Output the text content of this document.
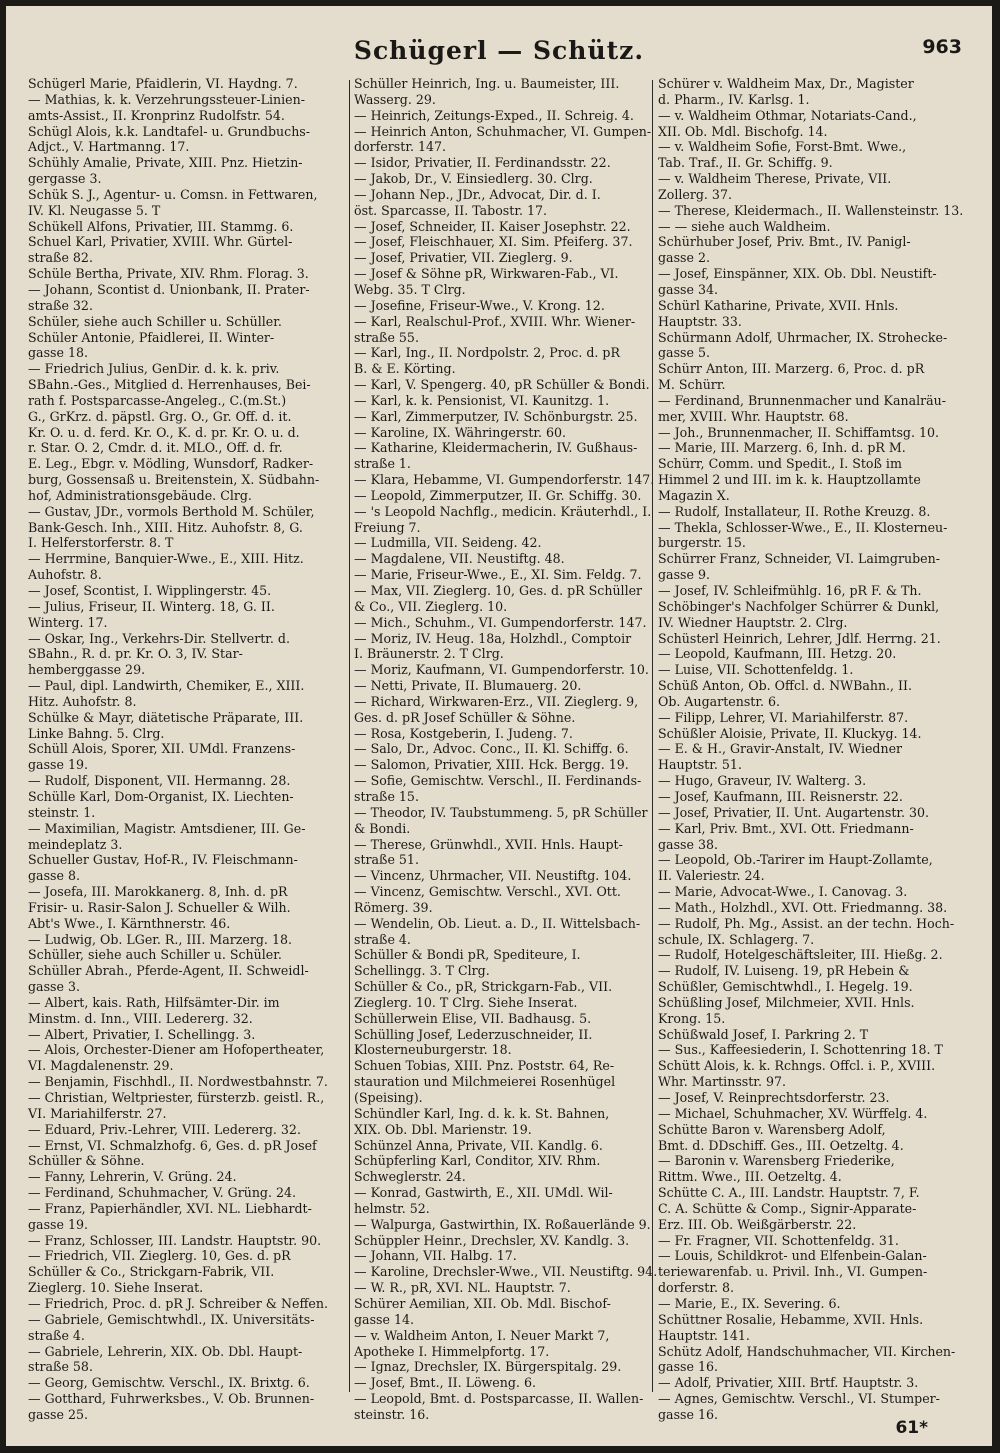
Schügerl — Schütz.	963

Schügerl Marie, Pfaidlerin, VI. Haydng. 7.

— Mathias, k. k. Verzehrungssteuer-Linien-

amts-Assist., II. Kronprinz Rudolfstr. 54.

Schügl Alois, k.k. Landtafel- u. Grundbuchs-

Adjct., V. Hartmanng. 17.

Schühly Amalie, Private, XIII. Pnz. Hietzin-

gergasse 3.

Schük S. J., Agentur- u. Comsn. in Fettwaren,

IV. Kl. Neugasse 5. T

Schükell Alfons, Privatier, III. Stammg. 6.

Schuel Karl, Privatier, XVIII. Whr. Gürtel-

straße 82.

Schüle Bertha, Private, XIV. Rhm. Florag. 3.

— Johann, Scontist d. Unionbank, II. Prater-

straße 32.

Schüler, siehe auch Schiller u. Schüller.

Schüler Antonie, Pfaidlerei, II. Winter-

gasse 18.

— Friedrich Julius, GenDir. d. k. k. priv.

SBahn.-Ges., Mitglied d. Herrenhauses, Bei-

rath f. Postsparcasse-Angeleg., C.(m.St.)

G., GrKrz. d. päpstl. Grg. O., Gr. Off. d. it.

Kr. O. u. d. ferd. Kr. O., K. d. pr. Kr. O. u. d.

r. Star. O. 2, Cmdr. d. it. MLO., Off. d. fr.

E. Leg., Ebgr. v. Mödling, Wunsdorf, Radker-

burg, Gossensaß u. Breitenstein, X. Südbahn-

hof, Administrationsgebäude. Clrg.

— Gustav, JDr., vormols Berthold M. Schüler,

Bank-Gesch. Inh., XIII. Hitz. Auhofstr. 8, G.

I. Helferstorferstr. 8. T

— Herrmine, Banquier-Wwe., E., XIII. Hitz.

Auhofstr. 8.

— Josef, Scontist, I. Wipplingerstr. 45.

— Julius, Friseur, II. Winterg. 18, G. II.

Winterg. 17.

— Oskar, Ing., Verkehrs-Dir. Stellvertr. d.

SBahn., R. d. pr. Kr. O. 3, IV. Star-

hemberggasse 29.

— Paul, dipl. Landwirth, Chemiker, E., XIII.

Hitz. Auhofstr. 8.

Schülke & Mayr, diätetische Präparate, III.

Linke Bahng. 5. Clrg.

Schüll Alois, Sporer, XII. UMdl. Franzens-

gasse 19.

— Rudolf, Disponent, VII. Hermanng. 28.

Schülle Karl, Dom-Organist, IX. Liechten-

steinstr. 1.

— Maximilian, Magistr. Amtsdiener, III. Ge-

meindeplatz 3.

Schueller Gustav, Hof-R., IV. Fleischmann-

gasse 8.

— Josefa, III. Marokkanerg. 8, Inh. d. pR

Frisir- u. Rasir-Salon J. Schueller & Wilh.

Abt's Wwe., I. Kärnthnerstr. 46.

— Ludwig, Ob. LGer. R., III. Marzerg. 18.

Schüller, siehe auch Schiller u. Schüler.

Schüller Abrah., Pferde-Agent, II. Schweidl-

gasse 3.

— Albert, kais. Rath, Hilfsämter-Dir. im

Minstm. d. Inn., VIII. Ledererg. 32.

— Albert, Privatier, I. Schellingg. 3.

— Alois, Orchester-Diener am Hofopertheater,

VI. Magdalenenstr. 29.

— Benjamin, Fischhdl., II. Nordwestbahnstr. 7.

— Christian, Weltpriester, fürsterzb. geistl. R.,

VI. Mariahilferstr. 27.

— Eduard, Priv.-Lehrer, VIII. Ledererg. 32.

— Ernst, VI. Schmalzhofg. 6, Ges. d. pR Josef

Schüller & Söhne.

— Fanny, Lehrerin, V. Grüng. 24.

— Ferdinand, Schuhmacher, V. Grüng. 24.

— Franz, Papierhändler, XVI. NL. Liebhardt-

gasse 19.

— Franz, Schlosser, III. Landstr. Hauptstr. 90.

— Friedrich, VII. Zieglerg. 10, Ges. d. pR

Schüller & Co., Strickgarn-Fabrik, VII.

Zieglerg. 10. Siehe Inserat.

— Friedrich, Proc. d. pR J. Schreiber & Neffen.

— Gabriele, Gemischtwhdl., IX. Universitäts-

straße 4.

— Gabriele, Lehrerin, XIX. Ob. Dbl. Haupt-

straße 58.

— Georg, Gemischtw. Verschl., IX. Brixtg. 6.

— Gotthard, Fuhrwerksbes., V. Ob. Brunnen-

gasse 25.

Schüller Heinrich, Ing. u. Baumeister, III.

Wasserg. 29.

— Heinrich, Zeitungs-Exped., II. Schreig. 4.

— Heinrich Anton, Schuhmacher, VI. Gumpen-

dorferstr. 147.

— Isidor, Privatier, II. Ferdinandsstr. 22.

— Jakob, Dr., V. Einsiedlerg. 30. Clrg.

— Johann Nep., JDr., Advocat, Dir. d. I.

öst. Sparcasse, II. Tabostr. 17.

— Josef, Schneider, II. Kaiser Josephstr. 22.

— Josef, Fleischhauer, XI. Sim. Pfeiferg. 37.

— Josef, Privatier, VII. Zieglerg. 9.

— Josef & Söhne pR, Wirkwaren-Fab., VI.

Webg. 35. T Clrg.

— Josefine, Friseur-Wwe., V. Krong. 12.

— Karl, Realschul-Prof., XVIII. Whr. Wiener-

straße 55.

— Karl, Ing., II. Nordpolstr. 2, Proc. d. pR

B. & E. Körting.

— Karl, V. Spengerg. 40, pR Schüller & Bondi.

— Karl, k. k. Pensionist, VI. Kaunitzg. 1.

— Karl, Zimmerputzer, IV. Schönburgstr. 25.

— Karoline, IX. Währingerstr. 60.

— Katharine, Kleidermacherin, IV. Gußhaus-

straße 1.

— Klara, Hebamme, VI. Gumpendorferstr. 147.

— Leopold, Zimmerputzer, II. Gr. Schiffg. 30.

— 's Leopold Nachflg., medicin. Kräuterhdl., I.

Freiung 7.

— Ludmilla, VII. Seideng. 42.

— Magdalene, VII. Neustiftg. 48.

— Marie, Friseur-Wwe., E., XI. Sim. Feldg. 7.

— Max, VII. Zieglerg. 10, Ges. d. pR Schüller

& Co., VII. Zieglerg. 10.

— Mich., Schuhm., VI. Gumpendorferstr. 147.

— Moriz, IV. Heug. 18a, Holzhdl., Comptoir

I. Bräunerstr. 2. T Clrg.

— Moriz, Kaufmann, VI. Gumpendorferstr. 10.

— Netti, Private, II. Blumauerg. 20.

— Richard, Wirkwaren-Erz., VII. Zieglerg. 9,

Ges. d. pR Josef Schüller & Söhne.

— Rosa, Kostgeberin, I. Judeng. 7.

— Salo, Dr., Advoc. Conc., II. Kl. Schiffg. 6.

— Salomon, Privatier, XIII. Hck. Bergg. 19.

— Sofie, Gemischtw. Verschl., II. Ferdinands-

straße 15.

— Theodor, IV. Taubstummeng. 5, pR Schüller

& Bondi.

— Therese, Grünwhdl., XVII. Hnls. Haupt-

straße 51.

— Vincenz, Uhrmacher, VII. Neustiftg. 104.

— Vincenz, Gemischtw. Verschl., XVI. Ott.

Römerg. 39.

— Wendelin, Ob. Lieut. a. D., II. Wittelsbach-

straße 4.

Schüller & Bondi pR, Spediteure, I.

Schellingg. 3. T Clrg.

Schüller & Co., pR, Strickgarn-Fab., VII.

Zieglerg. 10. T Clrg. Siehe Inserat.

Schüllerwein Elise, VII. Badhausg. 5.

Schülling Josef, Lederzuschneider, II.

Klosterneuburgerstr. 18.

Schuen Tobias, XIII. Pnz. Poststr. 64, Re-

stauration und Milchmeierei Rosenhügel

(Speising).

Schündler Karl, Ing. d. k. k. St. Bahnen,

XIX. Ob. Dbl. Marienstr. 19.

Schünzel Anna, Private, VII. Kandlg. 6.

Schüpferling Karl, Conditor, XIV. Rhm.

Schweglerstr. 24.

— Konrad, Gastwirth, E., XII. UMdl. Wil-

helmstr. 52.

— Walpurga, Gastwirthin, IX. Roßauerlände 9.

Schüppler Heinr., Drechsler, XV. Kandlg. 3.

— Johann, VII. Halbg. 17.

— Karoline, Drechsler-Wwe., VII. Neustiftg. 94.

— W. R., pR, XVI. NL. Hauptstr. 7.

Schürer Aemilian, XII. Ob. Mdl. Bischof-

gasse 14.

— v. Waldheim Anton, I. Neuer Markt 7,

Apotheke I. Himmelpfortg. 17.

— Ignaz, Drechsler, IX. Bürgerspitalg. 29.

— Josef, Bmt., II. Löweng. 6.

— Leopold, Bmt. d. Postsparcasse, II. Wallen-

steinstr. 16.

Schürer v. Waldheim Max, Dr., Magister

d. Pharm., IV. Karlsg. 1.

— v. Waldheim Othmar, Notariats-Cand.,

XII. Ob. Mdl. Bischofg. 14.

— v. Waldheim Sofie, Forst-Bmt. Wwe.,

Tab. Traf., II. Gr. Schiffg. 9.

— v. Waldheim Therese, Private, VII.

Zollerg. 37.

— Therese, Kleidermach., II. Wallensteinstr. 13.

— — siehe auch Waldheim.

Schürhuber Josef, Priv. Bmt., IV. Panigl-

gasse 2.

— Josef, Einspänner, XIX. Ob. Dbl. Neustift-

gasse 34.

Schürl Katharine, Private, XVII. Hnls.

Hauptstr. 33.

Schürmann Adolf, Uhrmacher, IX. Strohecke-

gasse 5.

Schürr Anton, III. Marzerg. 6, Proc. d. pR

M. Schürr.

— Ferdinand, Brunnenmacher und Kanalräu-

mer, XVIII. Whr. Hauptstr. 68.

— Joh., Brunnenmacher, II. Schiffamtsg. 10.

— Marie, III. Marzerg. 6, Inh. d. pR M.

Schürr, Comm. und Spedit., I. Stoß im

Himmel 2 und III. im k. k. Hauptzollamte

Magazin X.

— Rudolf, Installateur, II. Rothe Kreuzg. 8.

— Thekla, Schlosser-Wwe., E., II. Klosterneu-

burgerstr. 15.

Schürrer Franz, Schneider, VI. Laimgruben-

gasse 9.

— Josef, IV. Schleifmühlg. 16, pR F. & Th.

Schöbinger's Nachfolger Schürrer & Dunkl,

IV. Wiedner Hauptstr. 2. Clrg.

Schüsterl Heinrich, Lehrer, Jdlf. Herrng. 21.

— Leopold, Kaufmann, III. Hetzg. 20.

— Luise, VII. Schottenfeldg. 1.

Schüß Anton, Ob. Offcl. d. NWBahn., II.

Ob. Augartenstr. 6.

— Filipp, Lehrer, VI. Mariahilferstr. 87.

Schüßler Aloisie, Private, II. Kluckyg. 14.

— E. & H., Gravir-Anstalt, IV. Wiedner

Hauptstr. 51.

— Hugo, Graveur, IV. Walterg. 3.

— Josef, Kaufmann, III. Reisnerstr. 22.

— Josef, Privatier, II. Unt. Augartenstr. 30.

— Karl, Priv. Bmt., XVI. Ott. Friedmann-

gasse 38.

— Leopold, Ob.-Tarirer im Haupt-Zollamte,

II. Valeriestr. 24.

— Marie, Advocat-Wwe., I. Canovag. 3.

— Math., Holzhdl., XVI. Ott. Friedmanng. 38.

— Rudolf, Ph. Mg., Assist. an der techn. Hoch-

schule, IX. Schlagerg. 7.

— Rudolf, Hotelgeschäftsleiter, III. Hießg. 2.

— Rudolf, IV. Luiseng. 19, pR Hebein &

Schüßler, Gemischtwhdl., I. Hegelg. 19.

Schüßling Josef, Milchmeier, XVII. Hnls.

Krong. 15.

Schüßwald Josef, I. Parkring 2. T

— Sus., Kaffeesiederin, I. Schottenring 18. T

Schütt Alois, k. k. Rchngs. Offcl. i. P., XVIII.

Whr. Martinsstr. 97.

— Josef, V. Reinprechtsdorferstr. 23.

— Michael, Schuhmacher, XV. Würffelg. 4.

Schütte Baron v. Warensberg Adolf,

Bmt. d. DDschiff. Ges., III. Oetzeltg. 4.

— Baronin v. Warensberg Friederike,

Rittm. Wwe., III. Oetzeltg. 4.

Schütte C. A., III. Landstr. Hauptstr. 7, F.

C. A. Schütte & Comp., Signir-Apparate-

Erz. III. Ob. Weißgärberstr. 22.

— Fr. Fragner, VII. Schottenfeldg. 31.

— Louis, Schildkrot- und Elfenbein-Galan-

teriewarenfab. u. Privil. Inh., VI. Gumpen-

dorferstr. 8.

— Marie, E., IX. Severing. 6.

Schüttner Rosalie, Hebamme, XVII. Hnls.

Hauptstr. 141.

Schütz Adolf, Handschuhmacher, VII. Kirchen-

gasse 16.

— Adolf, Privatier, XIII. Brtf. Hauptstr. 3.

— Agnes, Gemischtw. Verschl., VI. Stumper-

gasse 16.

61*
